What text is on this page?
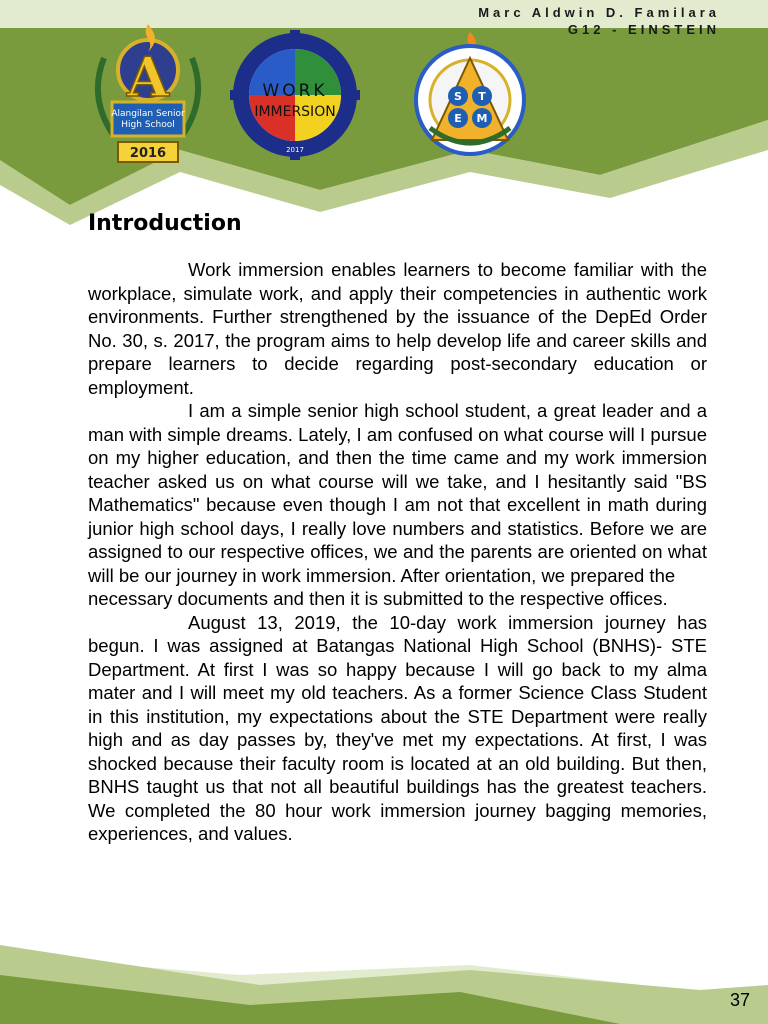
Marc Aldwin D. Familara
G12 - EINSTEIN
A
Alangilan Senior
High School
2016
WORK
IMMERSION
2017
S T
E M
Introduction

Work immersion enables learners to become familiar with the workplace, simulate work, and apply their competencies in authentic work environments. Further strengthened by the issuance of the DepEd Order No. 30, s. 2017, the program aims to help develop life and career skills and prepare learners to decide regarding post-secondary education or employment.

I am a simple senior high school student, a great leader and a man with simple dreams. Lately, I am confused on what course will I pursue on my higher education, and then the time came and my work immersion teacher asked us on what course will we take, and I hesitantly said "BS Mathematics" because even though I am not that excellent in math during junior high school days, I really love numbers and statistics. Before we are assigned to our respective offices, we and the parents are oriented on what will be our journey in work immersion. After orientation, we prepared the

necessary documents and then it is submitted to the respective offices.

August 13, 2019, the 10-day work immersion journey has begun. I was assigned at Batangas National High School (BNHS)- STE Department. At first I was so happy because I will go back to my alma mater and I will meet my old teachers. As a former Science Class Student in this institution, my expectations about the STE Department were really high and as day passes by, they've met my expectations. At first, I was shocked because their faculty room is located at an old building. But then, BNHS taught us that not all beautiful buildings has the greatest teachers. We completed the 80 hour work immersion journey bagging memories, experiences, and values.

37
